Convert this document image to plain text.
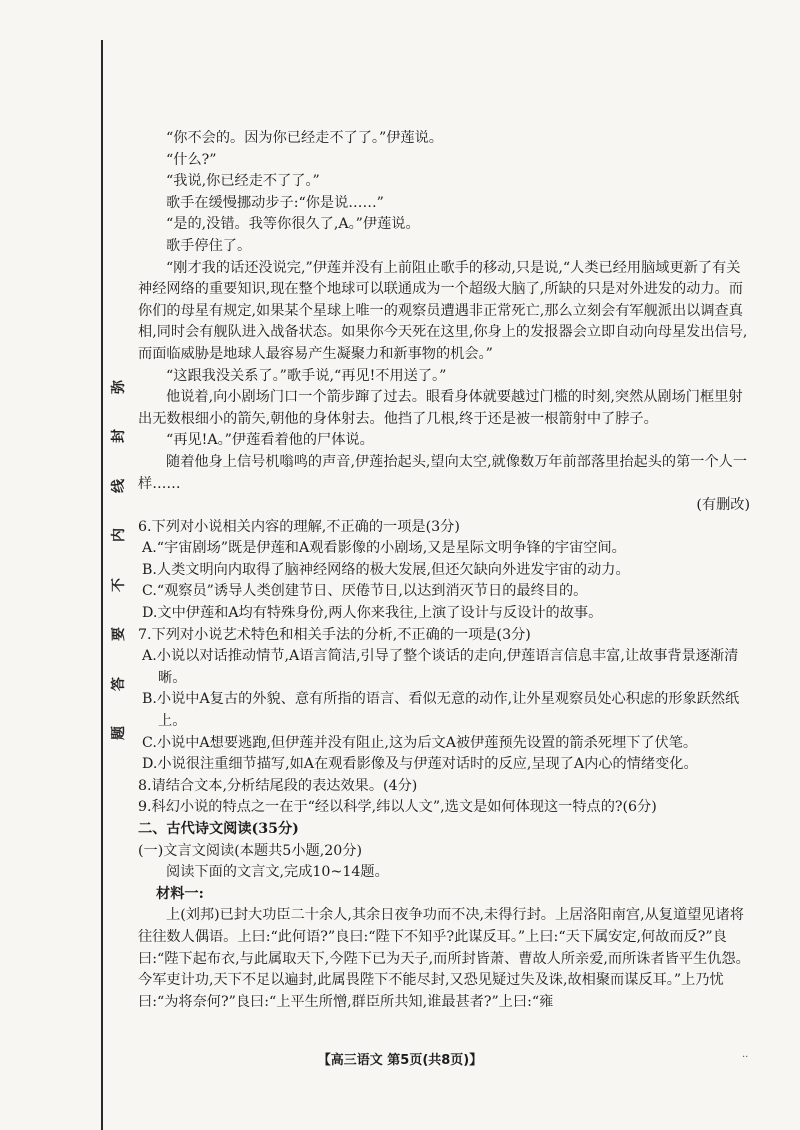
弥
封
线
内
不
要
答
题

“你不会的。因为你已经走不了了。”伊莲说。

“什么?”

“我说,你已经走不了了。”

歌手在缓慢挪动步子:“你是说……”

“是的,没错。我等你很久了,A。”伊莲说。

歌手停住了。

“刚才我的话还没说完,”伊莲并没有上前阻止歌手的移动,只是说,“人类已经用脑域更新了有关神经网络的重要知识,现在整个地球可以联通成为一个超级大脑了,所缺的只是对外进发的动力。而你们的母星有规定,如果某个星球上唯一的观察员遭遇非正常死亡,那么立刻会有军舰派出以调查真相,同时会有舰队进入战备状态。如果你今天死在这里,你身上的发报器会立即自动向母星发出信号,而面临威胁是地球人最容易产生凝聚力和新事物的机会。”

“这跟我没关系了。”歌手说,“再见!不用送了。”

他说着,向小剧场门口一个箭步蹿了过去。眼看身体就要越过门槛的时刻,突然从剧场门框里射出无数根细小的箭矢,朝他的身体射去。他挡了几根,终于还是被一根箭射中了脖子。

“再见!A。”伊莲看着他的尸体说。

随着他身上信号机嗡鸣的声音,伊莲抬起头,望向太空,就像数万年前部落里抬起头的第一个人一样……

(有删改)

6.下列对小说相关内容的理解,不正确的一项是(3分)

A.“宇宙剧场”既是伊莲和A观看影像的小剧场,又是星际文明争锋的宇宙空间。

B.人类文明向内取得了脑神经网络的极大发展,但还欠缺向外进发宇宙的动力。

C.“观察员”诱导人类创建节日、厌倦节日,以达到消灭节日的最终目的。

D.文中伊莲和A均有特殊身份,两人你来我往,上演了设计与反设计的故事。

7.下列对小说艺术特色和相关手法的分析,不正确的一项是(3分)

A.小说以对话推动情节,A语言简洁,引导了整个谈话的走向,伊莲语言信息丰富,让故事背景逐渐清晰。

B.小说中A复古的外貌、意有所指的语言、看似无意的动作,让外星观察员处心积虑的形象跃然纸上。

C.小说中A想要逃跑,但伊莲并没有阻止,这为后文A被伊莲预先设置的箭杀死埋下了伏笔。

D.小说很注重细节描写,如A在观看影像及与伊莲对话时的反应,呈现了A内心的情绪变化。

8.请结合文本,分析结尾段的表达效果。(4分)

9.科幻小说的特点之一在于“经以科学,纬以人文”,选文是如何体现这一特点的?(6分)

二、古代诗文阅读(35分)

(一)文言文阅读(本题共5小题,20分)

阅读下面的文言文,完成10~14题。

材料一:

上(刘邦)已封大功臣二十余人,其余日夜争功而不决,未得行封。上居洛阳南宫,从复道望见诸将往往数人偶语。上曰:“此何语?”良曰:“陛下不知乎?此谋反耳。”上曰:“天下属安定,何故而反?”良曰:“陛下起布衣,与此属取天下,今陛下已为天子,而所封皆萧、曹故人所亲爱,而所诛者皆平生仇怨。今军吏计功,天下不足以遍封,此属畏陛下不能尽封,又恐见疑过失及诛,故相聚而谋反耳。”上乃忧曰:“为将奈何?”良曰:“上平生所憎,群臣所共知,谁最甚者?”上曰:“雍

【高三语文 第5页(共8页)】	··
